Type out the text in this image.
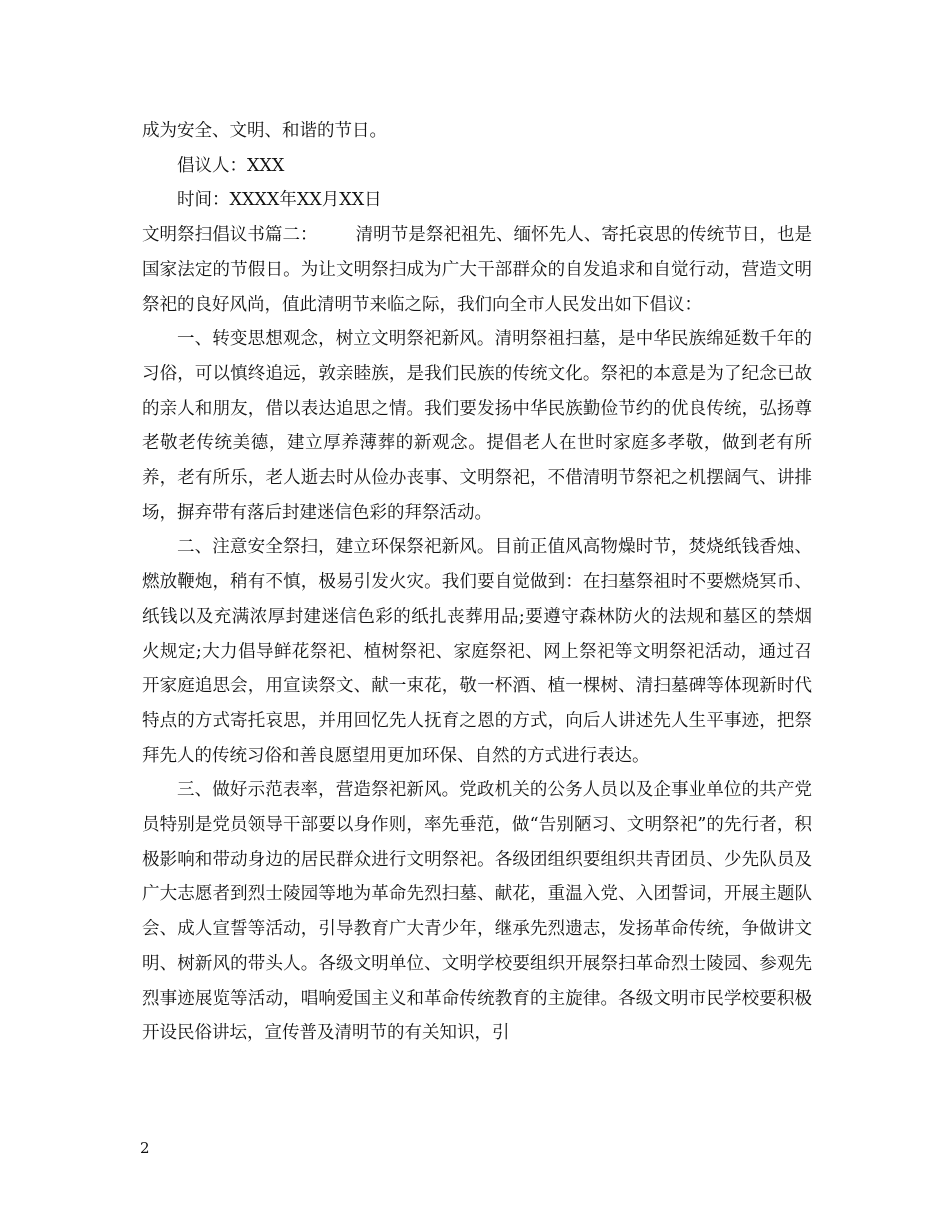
成为安全、文明、和谐的节日。

倡议人：XXX

时间：XXXX年XX月XX日

文明祭扫倡议书篇二： 清明节是祭祀祖先、缅怀先人、寄托哀思的传统节日，也是国家法定的节假日。为让文明祭扫成为广大干部群众的自发追求和自觉行动，营造文明祭祀的良好风尚，值此清明节来临之际，我们向全市人民发出如下倡议：

一、转变思想观念，树立文明祭祀新风。清明祭祖扫墓，是中华民族绵延数千年的习俗，可以慎终追远，敦亲睦族，是我们民族的传统文化。祭祀的本意是为了纪念已故的亲人和朋友，借以表达追思之情。我们要发扬中华民族勤俭节约的优良传统，弘扬尊老敬老传统美德，建立厚养薄葬的新观念。提倡老人在世时家庭多孝敬，做到老有所养，老有所乐，老人逝去时从俭办丧事、文明祭祀，不借清明节祭祀之机摆阔气、讲排场，摒弃带有落后封建迷信色彩的拜祭活动。

二、注意安全祭扫，建立环保祭祀新风。目前正值风高物燥时节，焚烧纸钱香烛、燃放鞭炮，稍有不慎，极易引发火灾。我们要自觉做到：在扫墓祭祖时不要燃烧冥币、纸钱以及充满浓厚封建迷信色彩的纸扎丧葬用品;要遵守森林防火的法规和墓区的禁烟火规定;大力倡导鲜花祭祀、植树祭祀、家庭祭祀、网上祭祀等文明祭祀活动，通过召开家庭追思会，用宣读祭文、献一束花，敬一杯酒、植一棵树、清扫墓碑等体现新时代特点的方式寄托哀思，并用回忆先人抚育之恩的方式，向后人讲述先人生平事迹，把祭拜先人的传统习俗和善良愿望用更加环保、自然的方式进行表达。

三、做好示范表率，营造祭祀新风。党政机关的公务人员以及企事业单位的共产党员特别是党员领导干部要以身作则，率先垂范，做“告别陋习、文明祭祀”的先行者，积极影响和带动身边的居民群众进行文明祭祀。各级团组织要组织共青团员、少先队员及广大志愿者到烈士陵园等地为革命先烈扫墓、献花，重温入党、入团誓词，开展主题队会、成人宣誓等活动，引导教育广大青少年，继承先烈遗志，发扬革命传统，争做讲文明、树新风的带头人。各级文明单位、文明学校要组织开展祭扫革命烈士陵园、参观先烈事迹展览等活动，唱响爱国主义和革命传统教育的主旋律。各级文明市民学校要积极开设民俗讲坛，宣传普及清明节的有关知识，引

2
